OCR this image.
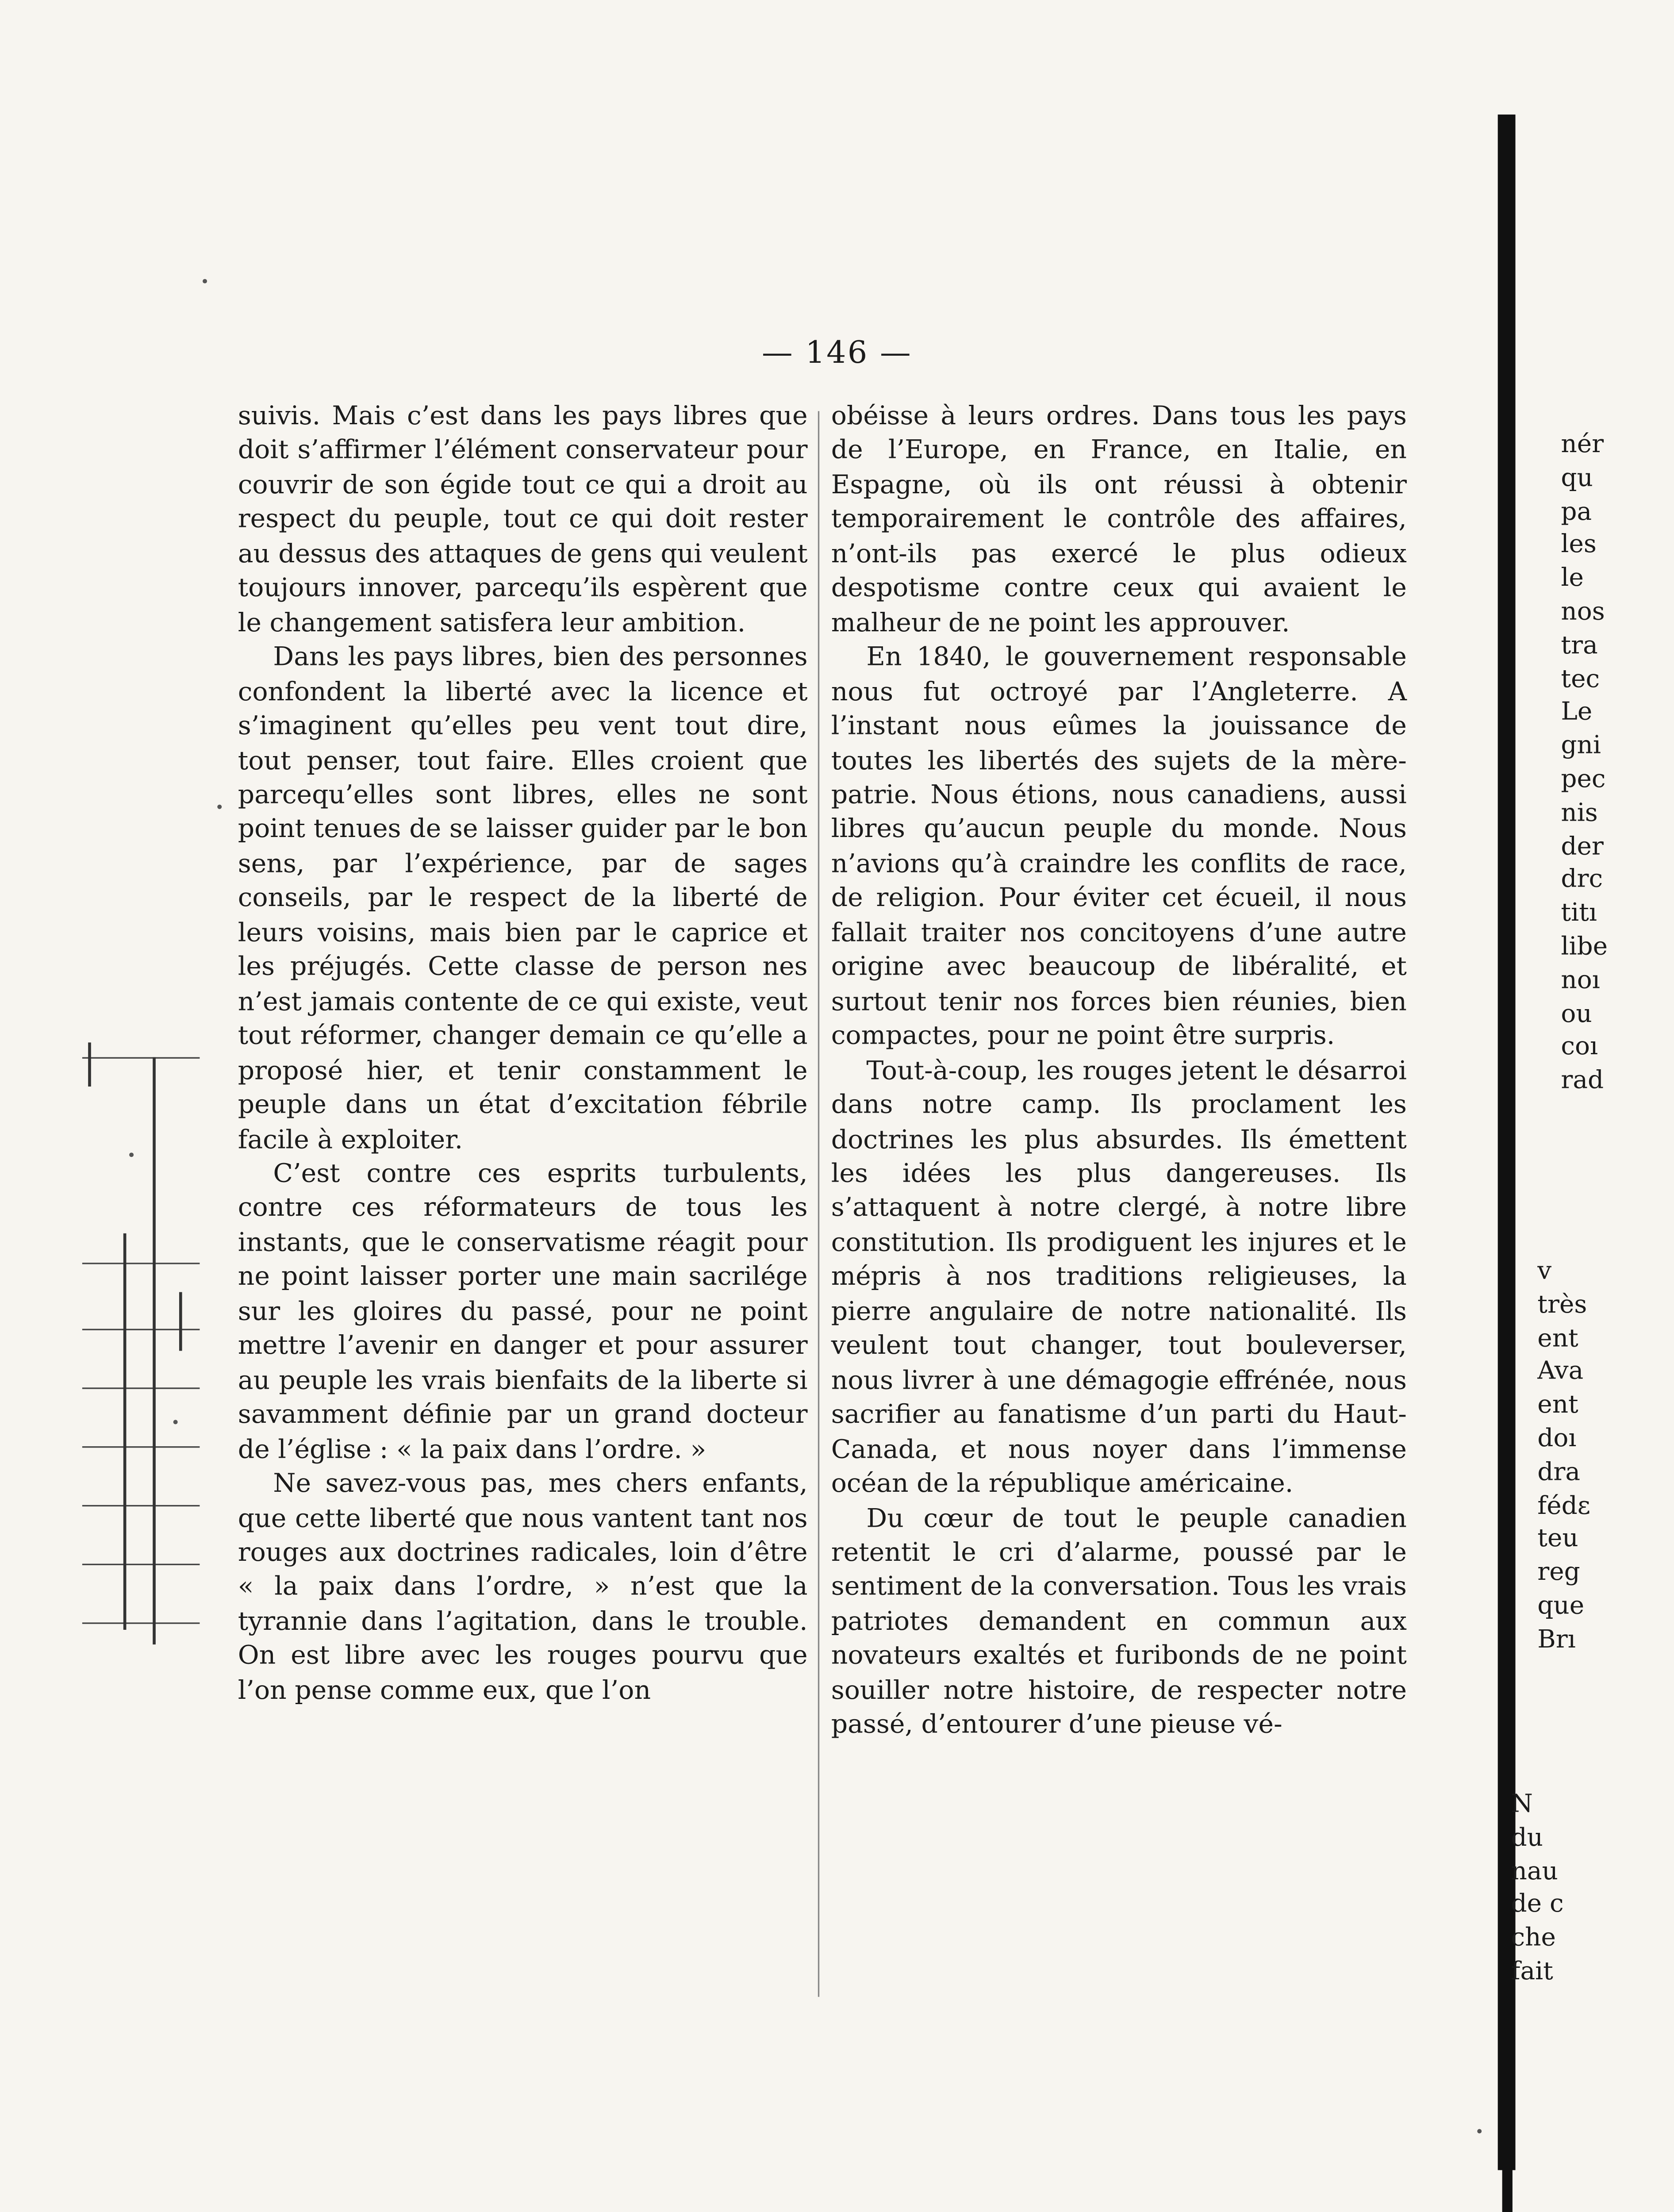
— 146 —

suivis. Mais c’est dans les pays libres que doit s’affirmer l’élément conservateur pour couvrir de son égide tout ce qui a droit au respect du peuple, tout ce qui doit rester au dessus des attaques de gens qui veulent toujours innover, parcequ’ils espèrent que le changement satisfera leur ambition.

Dans les pays libres, bien des personnes confondent la liberté avec la licence et s’imaginent qu’elles peu vent tout dire, tout penser, tout faire. Elles croient que parcequ’elles sont libres, elles ne sont point tenues de se laisser guider par le bon sens, par l’expérience, par de sages conseils, par le respect de la liberté de leurs voisins, mais bien par le caprice et les préjugés. Cette classe de person nes n’est jamais contente de ce qui existe, veut tout réformer, changer demain ce qu’elle a proposé hier, et tenir constamment le peuple dans un état d’excitation fébrile facile à exploiter.

C’est contre ces esprits turbulents, contre ces réformateurs de tous les instants, que le conservatisme réagit pour ne point laisser porter une main sacrilége sur les gloires du passé, pour ne point mettre l’avenir en danger et pour assurer au peuple les vrais bienfaits de la liberte si savamment définie par un grand docteur de l’église : « la paix dans l’ordre. »

Ne savez-vous pas, mes chers enfants, que cette liberté que nous vantent tant nos rouges aux doctrines radicales, loin d’être « la paix dans l’ordre, » n’est que la tyrannie dans l’agitation, dans le trouble. On est libre avec les rouges pourvu que l’on pense comme eux, que l’on

obéisse à leurs ordres. Dans tous les pays de l’Europe, en France, en Italie, en Espagne, où ils ont réussi à obtenir temporairement le contrôle des affaires, n’ont-ils pas exercé le plus odieux despotisme contre ceux qui avaient le malheur de ne point les approuver.

En 1840, le gouvernement responsable nous fut octroyé par l’Angleterre. A l’instant nous eûmes la jouissance de toutes les libertés des sujets de la mère-patrie. Nous étions, nous canadiens, aussi libres qu’aucun peuple du monde. Nous n’avions qu’à craindre les conflits de race, de religion. Pour éviter cet écueil, il nous fallait traiter nos concitoyens d’une autre origine avec beaucoup de libéralité, et surtout tenir nos forces bien réunies, bien compactes, pour ne point être surpris.

Tout-à-coup, les rouges jetent le désarroi dans notre camp. Ils proclament les doctrines les plus absurdes. Ils émettent les idées les plus dangereuses. Ils s’attaquent à notre clergé, à notre libre constitution. Ils prodiguent les injures et le mépris à nos traditions religieuses, la pierre angulaire de notre nationalité. Ils veulent tout changer, tout bouleverser, nous livrer à une démagogie effrénée, nous sacrifier au fanatisme d’un parti du Haut-Canada, et nous noyer dans l’immense océan de la république américaine.

Du cœur de tout le peuple canadien retentit le cri d’alarme, poussé par le sentiment de la conversation. Tous les vrais patriotes demandent en commun aux novateurs exaltés et furibonds de ne point souiller notre histoire, de respecter notre passé, d’entourer d’une pieuse vé-

nér
qu
pa
les
le
nos
tra
tec
Le
gni
pec
nis
der
drc
titı
libe
noı
ou
coı
rad
v
très
ent
Ava
ent
doı
dra
fédε
teu
reg
que
Brı
N
du
nau
de c
che
fait
